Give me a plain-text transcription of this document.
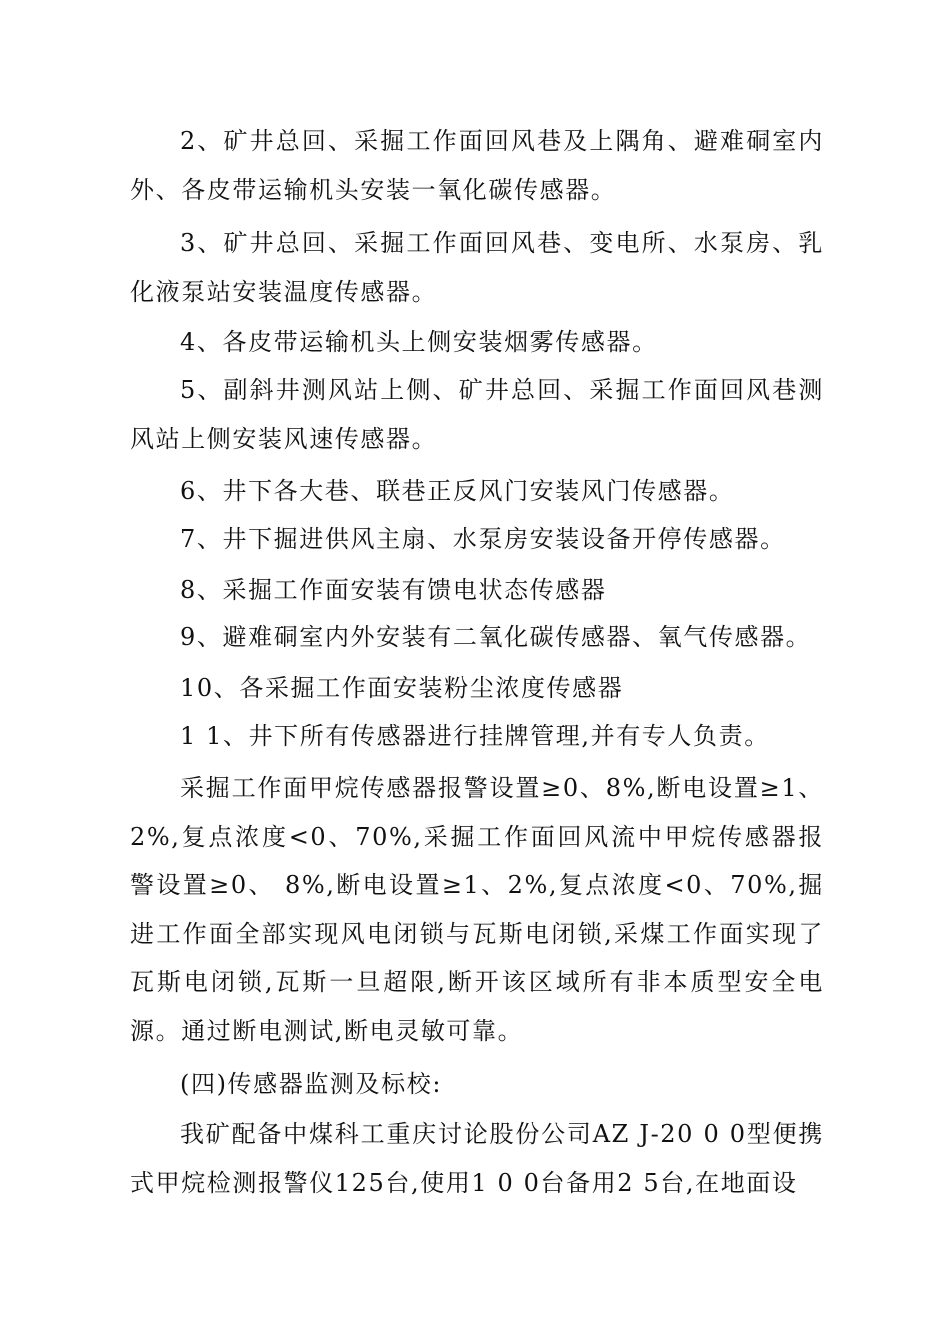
2、矿井总回、采掘工作面回风巷及上隅角、避难硐室内外、各皮带运输机头安装一氧化碳传感器。

3、矿井总回、采掘工作面回风巷、变电所、水泵房、乳化液泵站安装温度传感器。

4、各皮带运输机头上侧安装烟雾传感器。

5、副斜井测风站上侧、矿井总回、采掘工作面回风巷测风站上侧安装风速传感器。

6、井下各大巷、联巷正反风门安装风门传感器。

7、井下掘进供风主扇、水泵房安装设备开停传感器。

8、采掘工作面安装有馈电状态传感器

9、避难硐室内外安装有二氧化碳传感器、氧气传感器。

10、各采掘工作面安装粉尘浓度传感器

1 1、井下所有传感器进行挂牌管理,并有专人负责。

采掘工作面甲烷传感器报警设置≥0、8%,断电设置≥1、2%,复点浓度<0、70%,采掘工作面回风流中甲烷传感器报警设置≥0、 8%,断电设置≥1、2%,复点浓度<0、70%,掘进工作面全部实现风电闭锁与瓦斯电闭锁,采煤工作面实现了瓦斯电闭锁,瓦斯一旦超限,断开该区域所有非本质型安全电源。通过断电测试,断电灵敏可靠。

(四)传感器监测及标校:

我矿配备中煤科工重庆讨论股份公司AZ J-20 0 0型便携式甲烷检测报警仪125台,使用1 0 0台备用2 5台,在地面设
